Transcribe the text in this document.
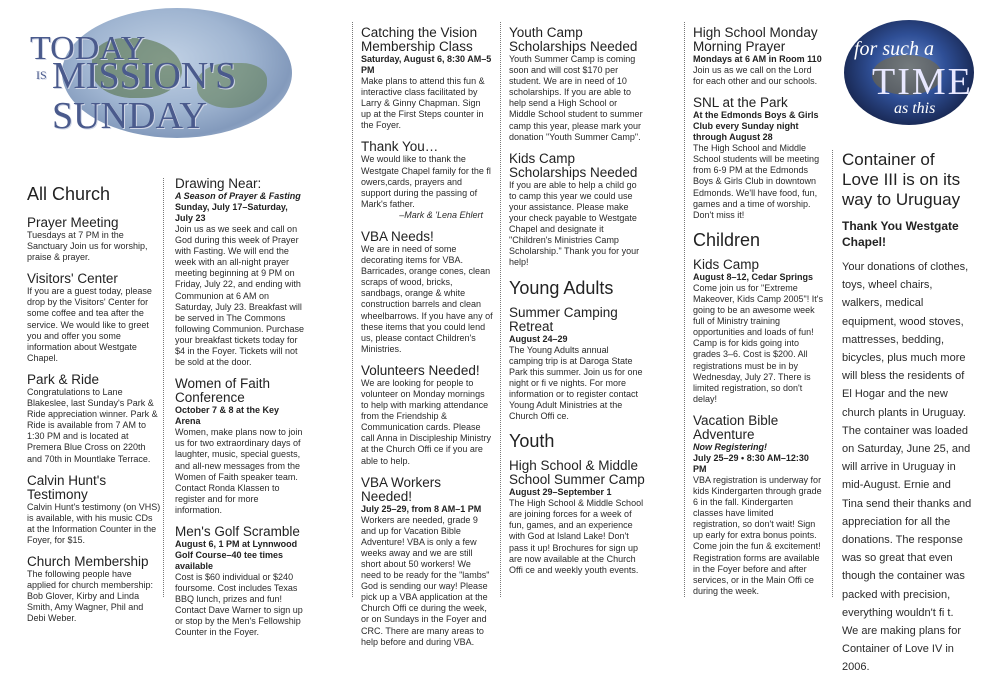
TODAY
IS MISSION'S
SUNDAY
All Church
Prayer Meeting
Tuesdays at 7 PM in the Sanctuary Join us for worship, praise & prayer.
Visitors' Center
If you are a guest today, please drop by the Visitors' Center for some coffee and tea after the service. We would like to greet you and offer you some information about Westgate Chapel.
Park & Ride
Congratulations to Lane Blakeslee, last Sunday's Park & Ride appreciation winner. Park & Ride is available from 7 AM to 1:30 PM and is located at Premera Blue Cross on 220th and 70th in Mountlake Terrace.
Calvin Hunt's Testimony
Calvin Hunt's testimony (on VHS) is available, with his music CDs at the Information Counter in the Foyer, for $15.
Church Membership
The following people have applied for church membership: Bob Glover, Kirby and Linda Smith, Amy Wagner, Phil and Debi Weber.
Drawing Near:
A Season of Prayer & Fasting
Sunday, July 17–Saturday, July 23
Join us as we seek and call on God during this week of Prayer with Fasting. We will end the week with an all-night prayer meeting beginning at 9 PM on Friday, July 22, and ending with Communion at 6 AM on Saturday, July 23. Breakfast will be served in The Commons following Communion. Purchase your breakfast tickets today for $4 in the Foyer. Tickets will not be sold at the door.
Women of Faith Conference
October 7 & 8 at the Key Arena
Women, make plans now to join us for two extraordinary days of laughter, music, special guests, and all-new messages from the Women of Faith speaker team. Contact Ronda Klassen to register and for more information.
Men's Golf Scramble
August 6, 1 PM at Lynnwood Golf Course–40 tee times available
Cost is $60 individual or $240 foursome. Cost includes Texas BBQ lunch, prizes and fun! Contact Dave Warner to sign up or stop by the Men's Fellowship Counter in the Foyer.
Catching the Vision Membership Class
Saturday, August 6, 8:30 AM–5 PM
Make plans to attend this fun & interactive class facilitated by Larry & Ginny Chapman. Sign up at the First Steps counter in the Foyer.
Thank You…
We would like to thank the Westgate Chapel family for the fl owers,cards, prayers and support during the passing of Mark's father.
–Mark & 'Lena Ehlert
VBA Needs!
We are in need of some decorating items for VBA. Barricades, orange cones, clean scraps of wood, bricks, sandbags, orange & white construction barrels and clean wheelbarrows. If you have any of these items that you could lend us, please contact Children's Ministries.
Volunteers Needed!
We are looking for people to volunteer on Monday mornings to help with marking attendance from the Friendship & Communication cards. Please call Anna in Discipleship Ministry at the Church Offi ce if you are able to help.
VBA Workers Needed!
July 25–29, from 8 AM–1 PM
Workers are needed, grade 9 and up for Vacation Bible Adventure! VBA is only a few weeks away and we are still short about 50 workers! We need to be ready for the "lambs" God is sending our way! Please pick up a VBA application at the Church Offi ce during the week, or on Sundays in the Foyer and CRC. There are many areas to help before and during VBA.
Youth Camp Scholarships Needed
Youth Summer Camp is coming soon and will cost $170 per student. We are in need of 10 scholarships. If you are able to help send a High School or Middle School student to summer camp this year, please mark your donation "Youth Summer Camp".
Kids Camp Scholarships Needed
If you are able to help a child go to camp this year we could use your assistance. Please make your check payable to Westgate Chapel and designate it "Children's Ministries Camp Scholarship." Thank you for your help!
Young Adults
Summer Camping Retreat
August 24–29
The Young Adults annual camping trip is at Daroga State Park this summer. Join us for one night or fi ve nights. For more information or to register contact Young Adult Ministries at the Church Offi ce.
Youth
High School & Middle School Summer Camp
August 29–September 1
The High School & Middle School are joining forces for a week of fun, games, and an experience with God at Island Lake! Don't pass it up! Brochures for sign up are now available at the Church Offi ce and weekly youth events.
High School Monday Morning Prayer
Mondays at 6 AM in Room 110
Join us as we call on the Lord for each other and our schools.
SNL at the Park
At the Edmonds Boys & Girls Club every Sunday night through August 28
The High School and Middle School students will be meeting from 6-9 PM at the Edmonds Boys & Girls Club in downtown Edmonds. We'll have food, fun, games and a time of worship. Don't miss it!
Children
Kids Camp
August 8–12, Cedar Springs
Come join us for "Extreme Makeover, Kids Camp 2005"! It's going to be an awesome week full of Ministry training opportunities and loads of fun! Camp is for kids going into grades 3–6. Cost is $200. All registrations must be in by Wednesday, July 27. There is limited registration, so don't delay!
Vacation Bible Adventure
Now Registering!
July 25–29 • 8:30 AM–12:30 PM
VBA registration is underway for kids Kindergarten through grade 6 in the fall. Kindergarten classes have limited registration, so don't wait! Sign up early for extra bonus points. Come join the fun & excitement! Registration forms are available in the Foyer before and after services, or in the Main Offi ce during the week.
for such a
TIME
as this
Container of Love III is on its way to Uruguay
Thank You Westgate Chapel!
Your donations of clothes, toys, wheel chairs, walkers, medical equipment, wood stoves, mattresses, bedding, bicycles, plus much more will bless the residents of El Hogar and the new church plants in Uruguay. The container was loaded on Saturday, June 25, and will arrive in Uruguay in mid-August. Ernie and Tina send their thanks and appreciation for all the donations. The response was so great that even though the container was packed with precision, everything wouldn't fi t.
We are making plans for Container of Love IV in 2006.
